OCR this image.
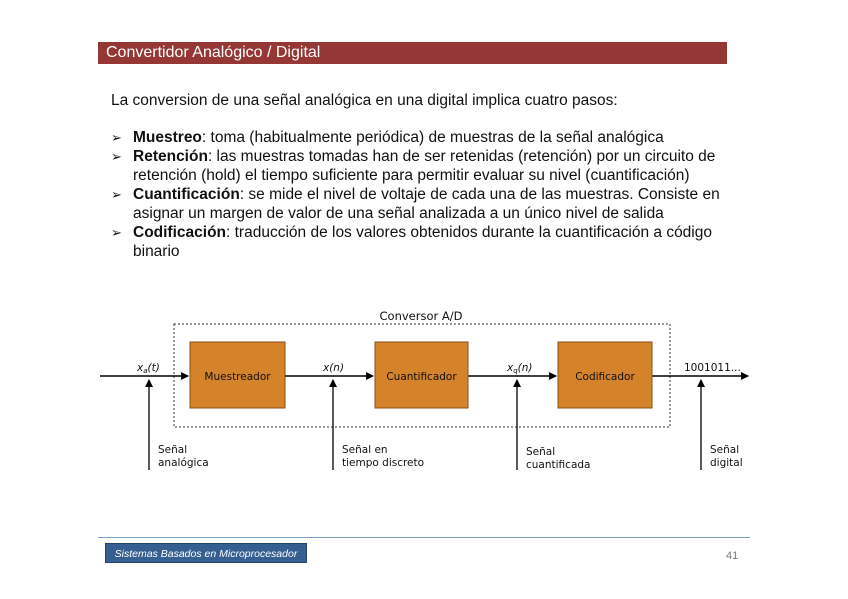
Convertidor Analógico / Digital
La conversion de una señal analógica en una digital implica cuatro pasos:
➢ Muestreo: toma (habitualmente periódica) de muestras de la señal analógica
➢ Retención: las muestras tomadas han de ser retenidas (retención) por un circuito de retención (hold) el tiempo suficiente para permitir evaluar su nivel (cuantificación)
➢ Cuantificación: se mide el nivel de voltaje de cada una de las muestras. Consiste en asignar un margen de valor de una señal analizada a un único nivel de salida
➢ Codificación: traducción de los valores obtenidos durante la cuantificación a código binario
Conversor A/D
Muestreador	Cuantificador	Codificador
xa(t)	x(n)	xq(n)	1001011...
Señal analógica
Señal en tiempo discreto
Señal cuantificada
Señal digital
Sistemas Basados en Microprocesador	41
